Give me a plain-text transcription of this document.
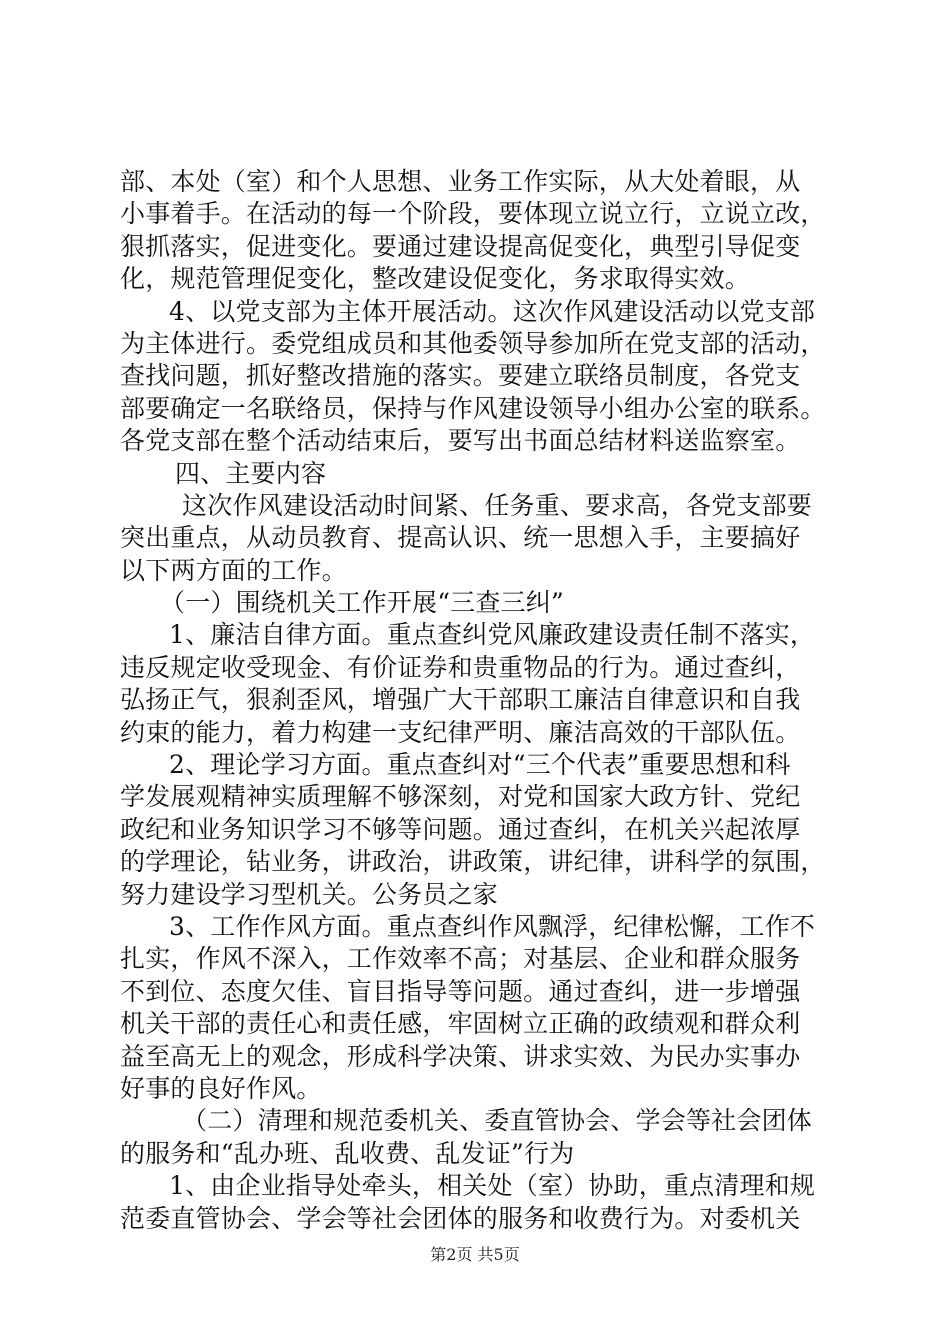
部、本处（室）和个人思想、业务工作实际，从大处着眼，从
小事着手。在活动的每一个阶段，要体现立说立行，立说立改，
狠抓落实，促进变化。要通过建设提高促变化，典型引导促变
化，规范管理促变化，整改建设促变化，务求取得实效。
4、以党支部为主体开展活动。这次作风建设活动以党支部
为主体进行。委党组成员和其他委领导参加所在党支部的活动，
查找问题，抓好整改措施的落实。要建立联络员制度，各党支
部要确定一名联络员，保持与作风建设领导小组办公室的联系。
各党支部在整个活动结束后，要写出书面总结材料送监察室。
四、主要内容
这次作风建设活动时间紧、任务重、要求高，各党支部要
突出重点，从动员教育、提高认识、统一思想入手，主要搞好
以下两方面的工作。
（一）围绕机关工作开展“三查三纠”
1、廉洁自律方面。重点查纠党风廉政建设责任制不落实，
违反规定收受现金、有价证券和贵重物品的行为。通过查纠，
弘扬正气，狠刹歪风，增强广大干部职工廉洁自律意识和自我
约束的能力，着力构建一支纪律严明、廉洁高效的干部队伍。
2、理论学习方面。重点查纠对“三个代表”重要思想和科
学发展观精神实质理解不够深刻，对党和国家大政方针、党纪
政纪和业务知识学习不够等问题。通过查纠，在机关兴起浓厚
的学理论，钻业务，讲政治，讲政策，讲纪律，讲科学的氛围，
努力建设学习型机关。公务员之家
3、工作作风方面。重点查纠作风飘浮，纪律松懈，工作不
扎实，作风不深入，工作效率不高；对基层、企业和群众服务
不到位、态度欠佳、盲目指导等问题。通过查纠，进一步增强
机关干部的责任心和责任感，牢固树立正确的政绩观和群众利
益至高无上的观念，形成科学决策、讲求实效、为民办实事办
好事的良好作风。
（二）清理和规范委机关、委直管协会、学会等社会团体
的服务和“乱办班、乱收费、乱发证”行为
1、由企业指导处牵头，相关处（室）协助，重点清理和规
范委直管协会、学会等社会团体的服务和收费行为。对委机关
第2页 共5页
